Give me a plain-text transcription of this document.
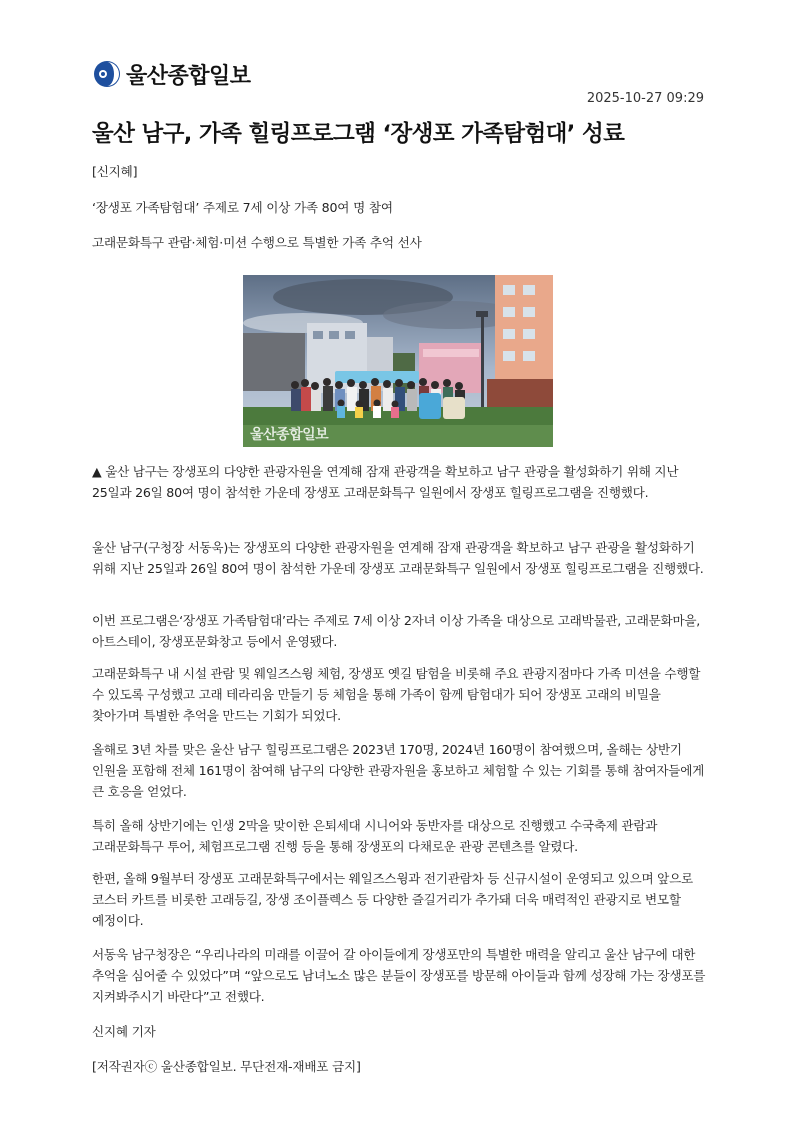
울산종합일보
2025-10-27 09:29
울산 남구, 가족 힐링프로그램 ‘장생포 가족탐험대’ 성료
[신지혜]
‘장생포 가족탐험대’ 주제로 7세 이상 가족 80여 명 참여
고래문화특구 관람·체험·미션 수행으로 특별한 가족 추억 선사
울산종합일보

▲ 울산 남구는 장생포의 다양한 관광자원을 연계해 잠재 관광객을 확보하고 남구 관광을 활성화하기 위해 지난 25일과 26일 80여 명이 참석한 가운데 장생포 고래문화특구 일원에서 장생포 힐링프로그램을 진행했다.

울산 남구(구청장 서동욱)는 장생포의 다양한 관광자원을 연계해 잠재 관광객을 확보하고 남구 관광을 활성화하기 위해 지난 25일과 26일 80여 명이 참석한 가운데 장생포 고래문화특구 일원에서 장생포 힐링프로그램을 진행했다.

이번 프로그램은‘장생포 가족탐험대’라는 주제로 7세 이상 2자녀 이상 가족을 대상으로 고래박물관, 고래문화마을, 아트스테이, 장생포문화창고 등에서 운영됐다.

고래문화특구 내 시설 관람 및 웨일즈스윙 체험, 장생포 옛길 탐험을 비롯해 주요 관광지점마다 가족 미션을 수행할 수 있도록 구성했고 고래 테라리움 만들기 등 체험을 통해 가족이 함께 탐험대가 되어 장생포 고래의 비밀을 찾아가며 특별한 추억을 만드는 기회가 되었다.

올해로 3년 차를 맞은 울산 남구 힐링프로그램은 2023년 170명, 2024년 160명이 참여했으며, 올해는 상반기 인원을 포함해 전체 161명이 참여해 남구의 다양한 관광자원을 홍보하고 체험할 수 있는 기회를 통해 참여자들에게 큰 호응을 얻었다.

특히 올해 상반기에는 인생 2막을 맞이한 은퇴세대 시니어와 동반자를 대상으로 진행했고 수국축제 관람과 고래문화특구 투어, 체험프로그램 진행 등을 통해 장생포의 다채로운 관광 콘텐츠를 알렸다.

한편, 올해 9월부터 장생포 고래문화특구에서는 웨일즈스윙과 전기관람차 등 신규시설이 운영되고 있으며 앞으로 코스터 카트를 비롯한 고래등길, 장생 조이플렉스 등 다양한 즐길거리가 추가돼 더욱 매력적인 관광지로 변모할 예정이다.

서동욱 남구청장은 “우리나라의 미래를 이끌어 갈 아이들에게 장생포만의 특별한 매력을 알리고 울산 남구에 대한 추억을 심어줄 수 있었다”며 “앞으로도 남녀노소 많은 분들이 장생포를 방문해 아이들과 함께 성장해 가는 장생포를 지켜봐주시기 바란다”고 전했다.

신지혜 기자
[저작권자ⓒ 울산종합일보. 무단전재-재배포 금지]
